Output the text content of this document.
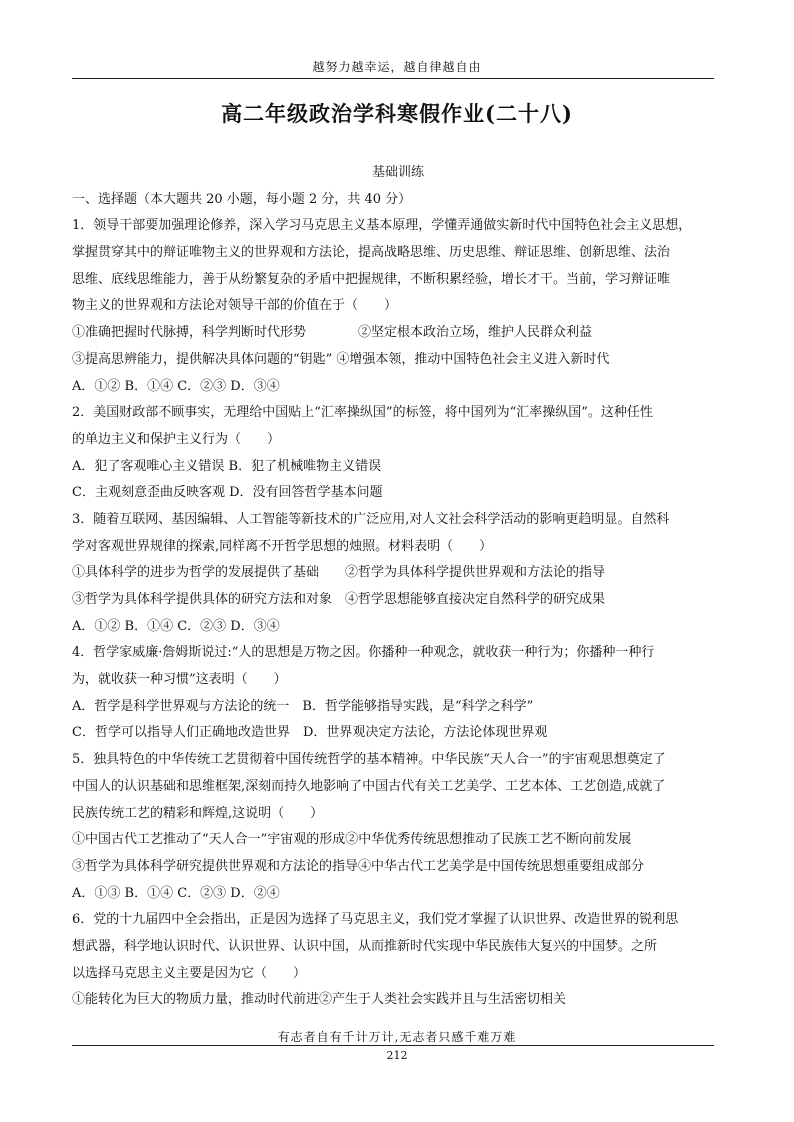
越努力越幸运，越自律越自由
高二年级政治学科寒假作业(二十八)
基础训练
一、选择题（本大题共 20 小题，每小题 2 分，共 40 分）
1．领导干部要加强理论修养，深入学习马克思主义基本原理，学懂弄通做实新时代中国特色社会主义思想，
掌握贯穿其中的辩证唯物主义的世界观和方法论，提高战略思维、历史思维、辩证思维、创新思维、法治
思维、底线思维能力，善于从纷繁复杂的矛盾中把握规律，不断积累经验，增长才干。当前，学习辩证唯
物主义的世界观和方法论对领导干部的价值在于（　　）
①准确把握时代脉搏，科学判断时代形势　　　　②坚定根本政治立场，维护人民群众利益
③提高思辨能力，提供解决具体问题的“钥匙” ④增强本领，推动中国特色社会主义进入新时代
A．①② B．①④ C．②③ D．③④
2．美国财政部不顾事实，无理给中国贴上“汇率操纵国”的标签，将中国列为“汇率操纵国”。这种任性
的单边主义和保护主义行为（　　）
A．犯了客观唯心主义错误 B．犯了机械唯物主义错误
C．主观刻意歪曲反映客观 D．没有回答哲学基本问题
3．随着互联网、基因编辑、人工智能等新技术的广泛应用,对人文社会科学活动的影响更趋明显。自然科
学对客观世界规律的探索,同样离不开哲学思想的烛照。材料表明（　　）
①具体科学的进步为哲学的发展提供了基础　　②哲学为具体科学提供世界观和方法论的指导
③哲学为具体科学提供具体的研究方法和对象　④哲学思想能够直接决定自然科学的研究成果
A．①② B．①④ C．②③ D．③④
4．哲学家威廉·詹姆斯说过:“人的思想是万物之因。你播种一种观念，就收获一种行为；你播种一种行
为，就收获一种习惯”这表明（　　）
A．哲学是科学世界观与方法论的统一　B．哲学能够指导实践，是“科学之科学”
C．哲学可以指导人们正确地改造世界　D．世界观决定方法论，方法论体现世界观
5．独具特色的中华传统工艺贯彻着中国传统哲学的基本精神。中华民族“天人合一”的宇宙观思想奠定了
中国人的认识基础和思维框架,深刻而持久地影响了中国古代有关工艺美学、工艺本体、工艺创造,成就了
民族传统工艺的精彩和辉煌,这说明（　　）
①中国古代工艺推动了“天人合一”宇宙观的形成②中华优秀传统思想推动了民族工艺不断向前发展
③哲学为具体科学研究提供世界观和方法论的指导④中华古代工艺美学是中国传统思想重要组成部分
A．①③ B．①④ C．②③ D．②④
6．党的十九届四中全会指出，正是因为选择了马克思主义，我们党才掌握了认识世界、改造世界的锐利思
想武器，科学地认识时代、认识世界、认识中国，从而推新时代实现中华民族伟大复兴的中国梦。之所
以选择马克思主义主要是因为它（　　）
①能转化为巨大的物质力量，推动时代前进②产生于人类社会实践并且与生活密切相关
有志者自有千计万计,无志者只感千难万难
212
